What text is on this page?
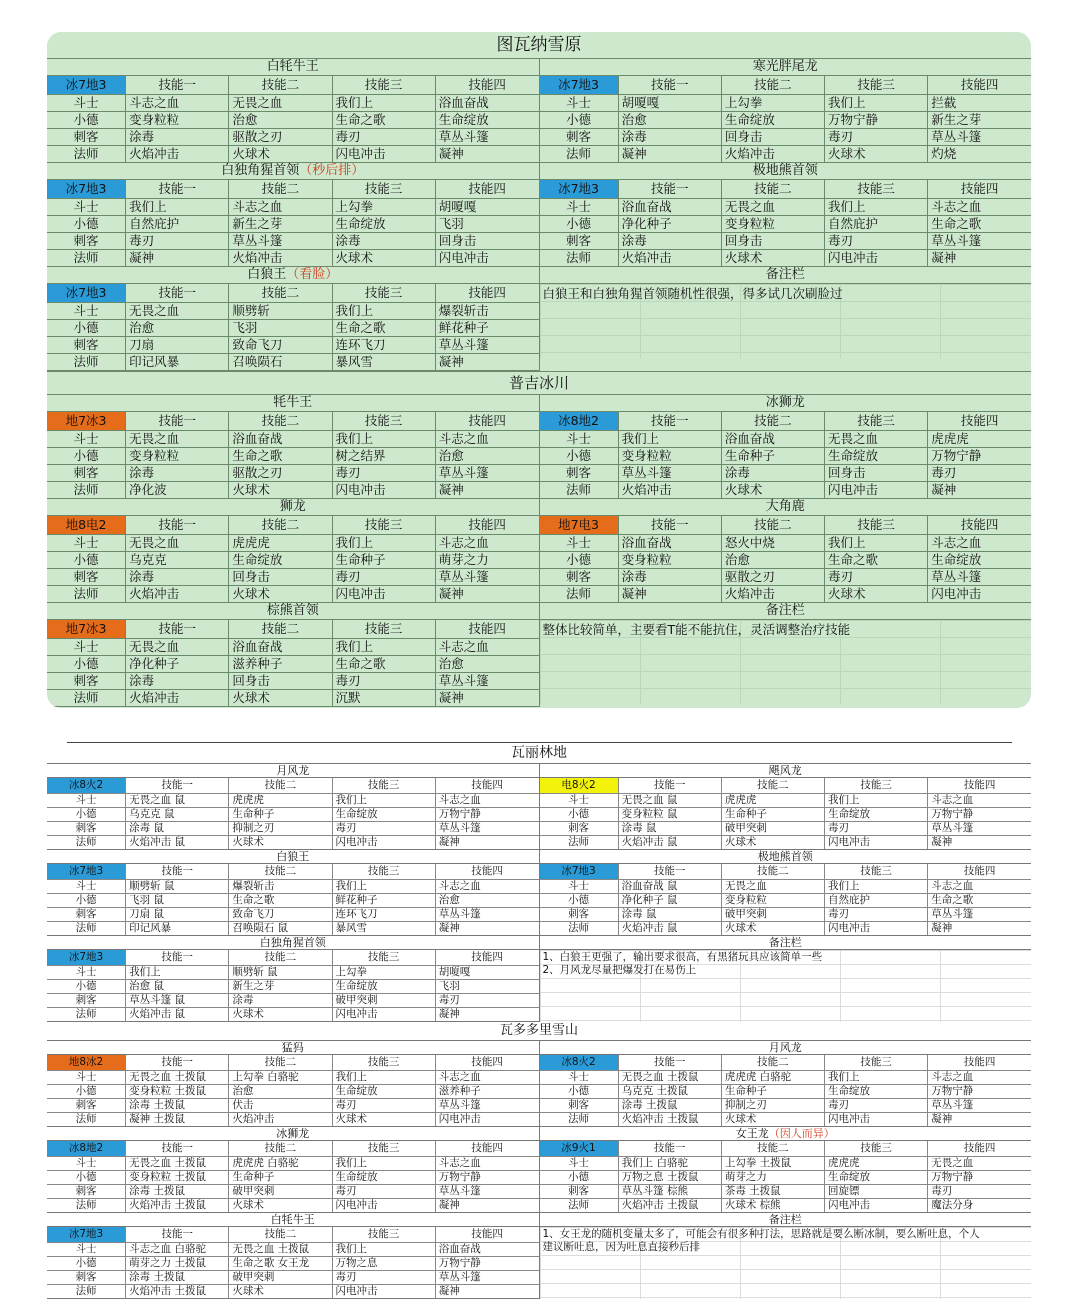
图瓦纳雪原
白牦牛王
冰7地3	技能一	技能二	技能三	技能四
斗士	斗志之血	无畏之血	我们上	浴血奋战
小德	变身粒粒	治愈	生命之歌	生命绽放
刺客	涂毒	驱散之刃	毒刃	草丛斗篷
法师	火焰冲击	火球术	闪电冲击	凝神
白独角猩首领（秒后排）
冰7地3	技能一	技能二	技能三	技能四
斗士	我们上	斗志之血	上勾拳	胡嗄嘎
小德	自然庇护	新生之芽	生命绽放	飞羽
刺客	毒刃	草丛斗篷	涂毒	回身击
法师	凝神	火焰冲击	火球术	闪电冲击
白狼王（看脸）
冰7地3	技能一	技能二	技能三	技能四
斗士	无畏之血	顺劈斩	我们上	爆裂斩击
小德	治愈	飞羽	生命之歌	鲜花种子
刺客	刀扇	致命飞刀	连环飞刀	草丛斗篷
法师	印记风暴	召唤陨石	暴风雪	凝神
寒光胖尾龙
冰7地3	技能一	技能二	技能三	技能四
斗士	胡嗄嘎	上勾拳	我们上	拦截
小德	治愈	生命绽放	万物宁静	新生之芽
刺客	涂毒	回身击	毒刃	草丛斗篷
法师	凝神	火焰冲击	火球术	灼烧
极地熊首领
冰7地3	技能一	技能二	技能三	技能四
斗士	浴血奋战	无畏之血	我们上	斗志之血
小德	净化种子	变身粒粒	自然庇护	生命之歌
刺客	涂毒	回身击	毒刃	草丛斗篷
法师	火焰冲击	火球术	闪电冲击	凝神
备注栏
白狼王和白独角猩首领随机性很强，得多试几次刷脸过
普吉冰川
牦牛王
地7冰3	技能一	技能二	技能三	技能四
斗士	无畏之血	浴血奋战	我们上	斗志之血
小德	变身粒粒	生命之歌	树之结界	治愈
刺客	涂毒	驱散之刃	毒刃	草丛斗篷
法师	净化波	火球术	闪电冲击	凝神
狮龙
地8电2	技能一	技能二	技能三	技能四
斗士	无畏之血	虎虎虎	我们上	斗志之血
小德	乌克克	生命绽放	生命种子	萌芽之力
刺客	涂毒	回身击	毒刃	草丛斗篷
法师	火焰冲击	火球术	闪电冲击	凝神
棕熊首领
地7冰3	技能一	技能二	技能三	技能四
斗士	无畏之血	浴血奋战	我们上	斗志之血
小德	净化种子	滋养种子	生命之歌	治愈
刺客	涂毒	回身击	毒刃	草丛斗篷
法师	火焰冲击	火球术	沉默	凝神
冰狮龙
冰8地2	技能一	技能二	技能三	技能四
斗士	我们上	浴血奋战	无畏之血	虎虎虎
小德	变身粒粒	生命种子	生命绽放	万物宁静
刺客	草丛斗篷	涂毒	回身击	毒刃
法师	火焰冲击	火球术	闪电冲击	凝神
大角鹿
地7电3	技能一	技能二	技能三	技能四
斗士	浴血奋战	怒火中烧	我们上	斗志之血
小德	变身粒粒	治愈	生命之歌	生命绽放
刺客	涂毒	驱散之刃	毒刃	草丛斗篷
法师	凝神	火焰冲击	火球术	闪电冲击
备注栏
整体比较简单，主要看T能不能抗住，灵活调整治疗技能
瓦丽林地
月风龙
冰8火2	技能一	技能二	技能三	技能四
斗士	无畏之血 鼠	虎虎虎	我们上	斗志之血
小德	乌克克 鼠	生命种子	生命绽放	万物宁静
刺客	涂毒 鼠	抑制之刃	毒刃	草丛斗篷
法师	火焰冲击 鼠	火球术	闪电冲击	凝神
白狼王
冰7地3	技能一	技能二	技能三	技能四
斗士	顺劈斩 鼠	爆裂斩击	我们上	斗志之血
小德	飞羽 鼠	生命之歌	鲜花种子	治愈
刺客	刀扇 鼠	致命飞刀	连环飞刀	草丛斗篷
法师	印记风暴	召唤陨石 鼠	暴风雪	凝神
白独角猩首领
冰7地3	技能一	技能二	技能三	技能四
斗士	我们上	顺劈斩 鼠	上勾拳	胡嗄嘎
小德	治愈 鼠	新生之芽	生命绽放	飞羽
刺客	草丛斗篷 鼠	涂毒	破甲突刺	毒刃
法师	火焰冲击 鼠	火球术	闪电冲击	凝神
飓风龙
电8火2	技能一	技能二	技能三	技能四
斗士	无畏之血 鼠	虎虎虎	我们上	斗志之血
小德	变身粒粒 鼠	生命种子	生命绽放	万物宁静
刺客	涂毒 鼠	破甲突刺	毒刃	草丛斗篷
法师	火焰冲击 鼠	火球术	闪电冲击	凝神
极地熊首领
冰7地3	技能一	技能二	技能三	技能四
斗士	浴血奋战 鼠	无畏之血	我们上	斗志之血
小德	净化种子 鼠	变身粒粒	自然庇护	生命之歌
刺客	涂毒 鼠	破甲突刺	毒刃	草丛斗篷
法师	火焰冲击 鼠	火球术	闪电冲击	凝神
备注栏
1、白狼王更强了，输出要求很高，有黑猪玩具应该简单一些
2、月风龙尽量把爆发打在易伤上
瓦多多里雪山
猛犸
地8冰2	技能一	技能二	技能三	技能四
斗士	无畏之血 土拨鼠	上勾拳 白骆驼	我们上	斗志之血
小德	变身粒粒 土拨鼠	治愈	生命绽放	滋养种子
刺客	涂毒 土拨鼠	伏击	毒刃	草丛斗篷
法师	凝神 土拨鼠	火焰冲击	火球术	闪电冲击
冰狮龙
冰8地2	技能一	技能二	技能三	技能四
斗士	无畏之血 土拨鼠	虎虎虎 白骆驼	我们上	斗志之血
小德	变身粒粒 土拨鼠	生命种子	生命绽放	万物宁静
刺客	涂毒 土拨鼠	破甲突刺	毒刃	草丛斗篷
法师	火焰冲击 土拨鼠	火球术	闪电冲击	凝神
白牦牛王
冰7地3	技能一	技能二	技能三	技能四
斗士	斗志之血 白骆驼	无畏之血 土拨鼠	我们上	浴血奋战
小德	萌芽之力 土拨鼠	生命之歌 女王龙	万物之息	万物宁静
刺客	涂毒 土拨鼠	破甲突刺	毒刃	草丛斗篷
法师	火焰冲击 土拨鼠	火球术	闪电冲击	凝神
月风龙
冰8火2	技能一	技能二	技能三	技能四
斗士	无畏之血 土拨鼠	虎虎虎 白骆驼	我们上	斗志之血
小德	乌克克 土拨鼠	生命种子	生命绽放	万物宁静
刺客	涂毒 土拨鼠	抑制之刃	毒刃	草丛斗篷
法师	火焰冲击 土拨鼠	火球术	闪电冲击	凝神
女王龙（因人而异）
冰9火1	技能一	技能二	技能三	技能四
斗士	我们上 白骆驼	上勾拳 土拨鼠	虎虎虎	无畏之血
小德	万物之息 土拨鼠	萌芽之力	生命绽放	万物宁静
刺客	草丛斗篷 棕熊	茶毒 土拨鼠	回旋镖	毒刃
法师	火焰冲击 土拨鼠	火球术 棕熊	闪电冲击	魔法分身
备注栏
1、女王龙的随机变量太多了，可能会有很多种打法，思路就是要么断冰制，要么断吐息，个人
建议断吐息，因为吐息直接秒后排
